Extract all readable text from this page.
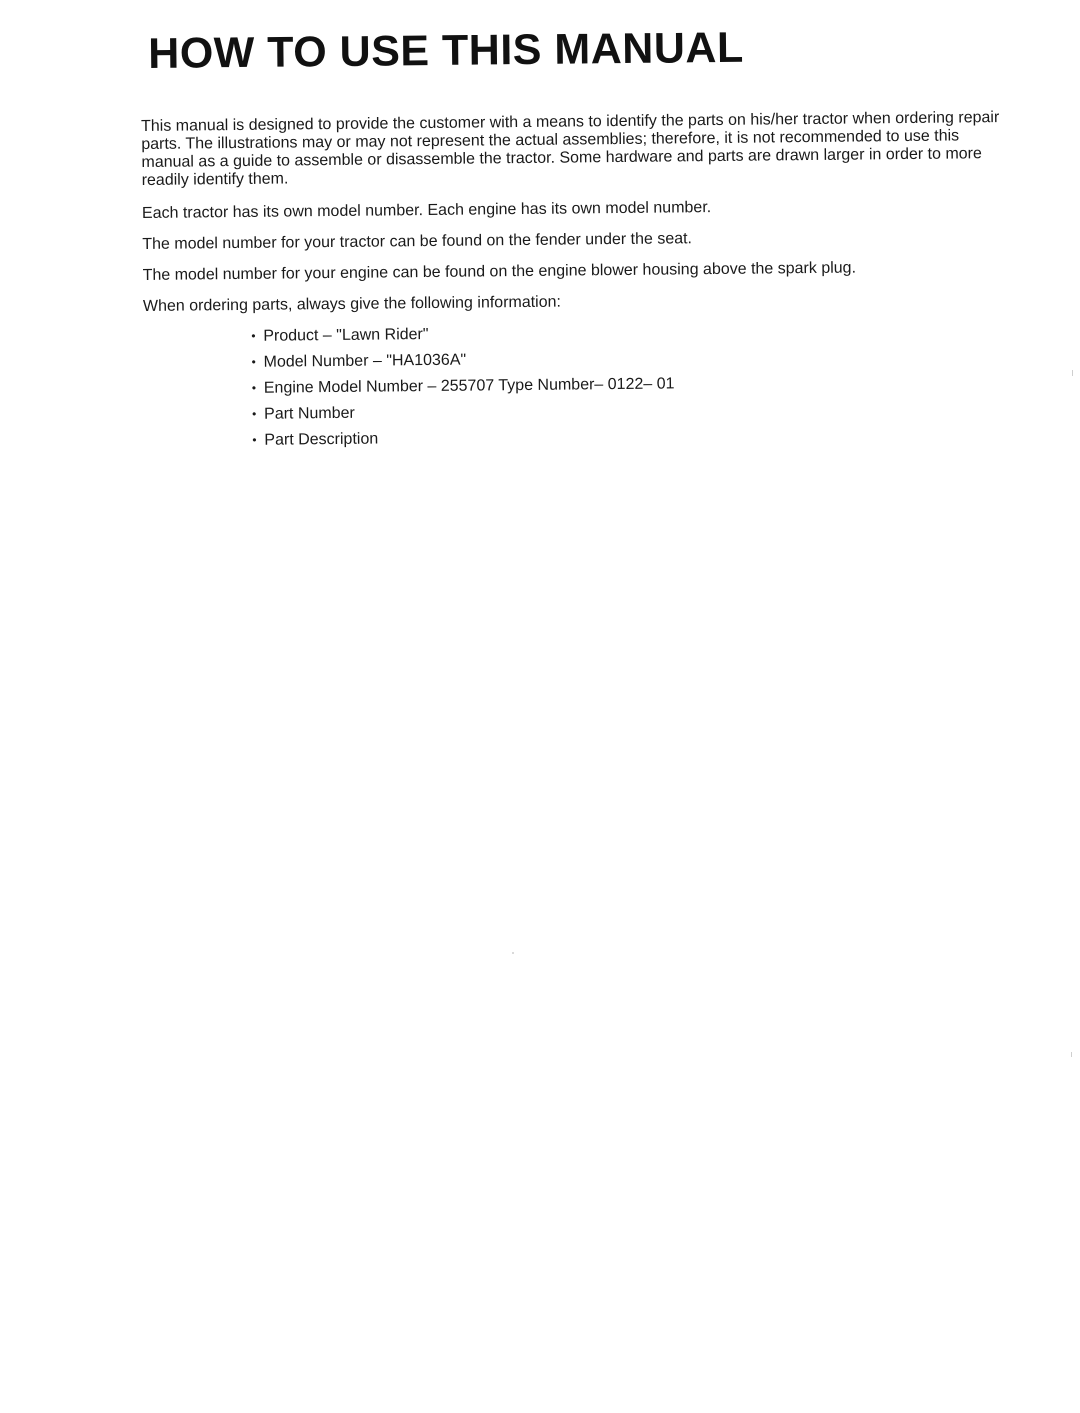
HOW TO USE THIS MANUAL

This manual is designed to provide the customer with a means to identify the parts on his/her tractor when ordering repair parts. The illustrations may or may not represent the actual assemblies; therefore, it is not recommended to use this manual as a guide to assemble or disassemble the tractor. Some hardware and parts are drawn larger in order to more readily identify them.

Each tractor has its own model number. Each engine has its own model number.

The model number for your tractor can be found on the fender under the seat.

The model number for your engine can be found on the engine blower housing above the spark plug.

When ordering parts, always give the following information:

• Product – "Lawn Rider"
• Model Number – "HA1036A"
• Engine Model Number – 255707 Type Number– 0122– 01
• Part Number
• Part Description
